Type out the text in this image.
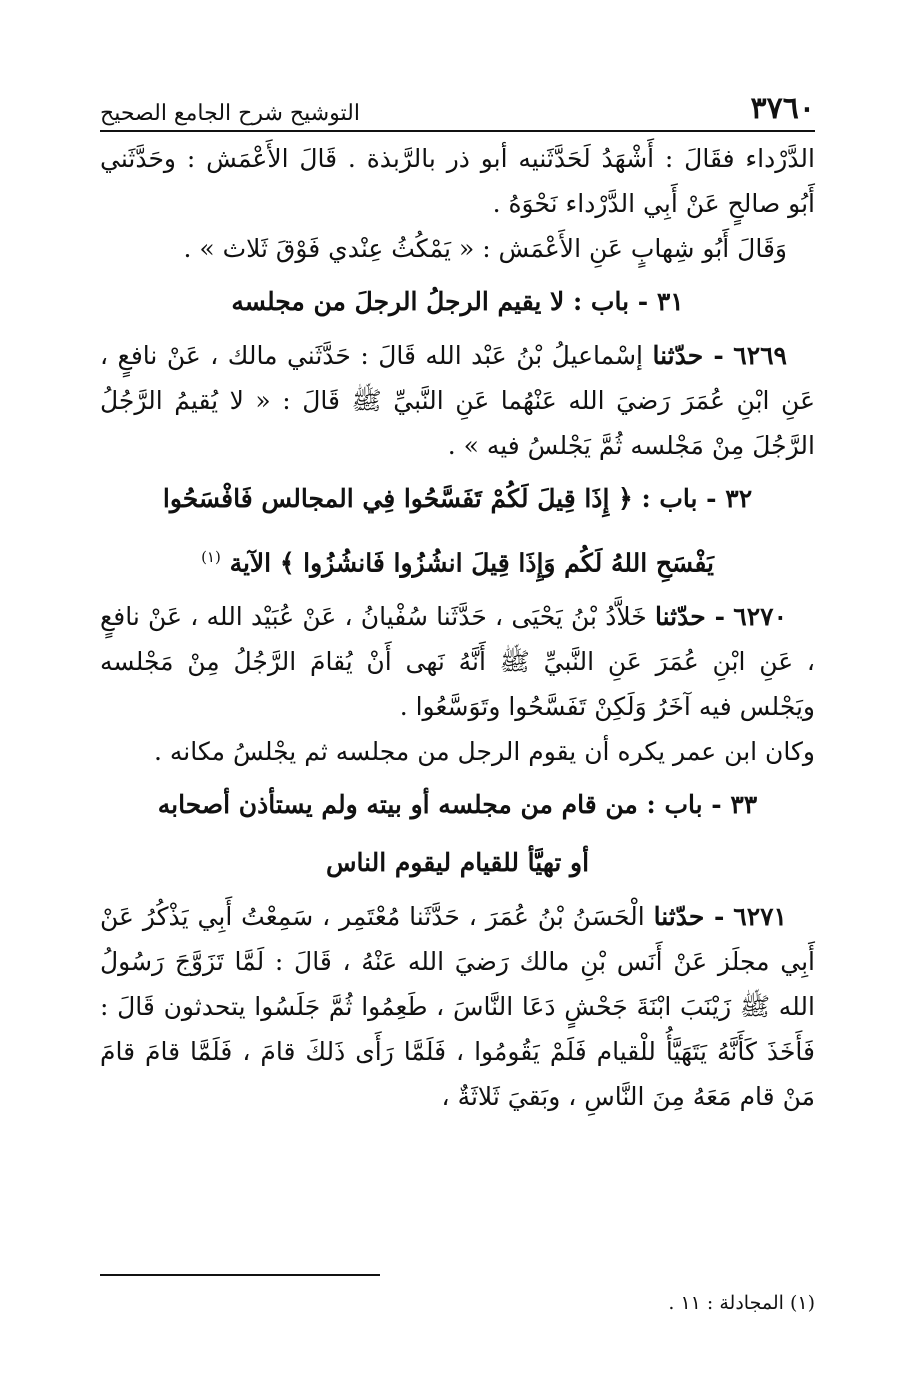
٣٧٦٠
التوشيح شرح الجامع الصحيح

الدَّرْداء فقَالَ : أَشْهَدُ لَحَدَّثَنيه أبو ذر بالرَّبذة . قَالَ الأَعْمَش : وحَدَّثَني أَبُو صالحٍ عَنْ أَبِي الدَّرْداء نَحْوَهُ .

وَقَالَ أَبُو شِهابٍ عَنِ الأَعْمَش : « يَمْكُثُ عِنْدي فَوْقَ ثَلاث » .

٣١ - باب : لا يقيم الرجلُ الرجلَ من مجلسه

٦٢٦٩ - حدّثنا إسْماعيلُ بْنُ عَبْد الله قَالَ : حَدَّثَني مالك ، عَنْ نافعٍ ، عَنِ ابْنِ عُمَرَ رَضيَ الله عَنْهُما عَنِ النَّبيِّ ﷺ قَالَ : « لا يُقيمُ الرَّجُلُ الرَّجُلَ مِنْ مَجْلسه ثُمَّ يَجْلسُ فيه » .

٣٢ - باب : ﴿ إِذَا قِيلَ لَكُمْ تَفَسَّحُوا فِي المجالس فَافْسَحُوا
يَفْسَحِ اللهُ لَكُم وَإِذَا قِيلَ انشُزُوا فَانشُزُوا ﴾ الآية $^{(١)}$

٦٢٧٠ - حدّثنا خَلاَّدُ بْنُ يَحْيَى ، حَدَّثَنا سُفْيانُ ، عَنْ عُبَيْد الله ، عَنْ نافعٍ ، عَنِ ابْنِ عُمَرَ عَنِ النَّبيِّ ﷺ أَنَّهُ نَهى أَنْ يُقامَ الرَّجُلُ مِنْ مَجْلسه ويَجْلس فيه آخَرُ وَلَكِنْ تَفَسَّحُوا وتَوَسَّعُوا .

وكان ابن عمر يكره أن يقوم الرجل من مجلسه ثم يجْلسُ مكانه .

٣٣ - باب : من قام من مجلسه أو بيته ولم يستأذن أصحابه
أو تهيَّأ للقيام ليقوم الناس

٦٢٧١ - حدّثنا الْحَسَنُ بْنُ عُمَرَ ، حَدَّثَنا مُعْتَمِر ، سَمِعْتُ أَبِي يَذْكُرُ عَنْ أَبِي مجلَز عَنْ أَنَس بْنِ مالك رَضيَ الله عَنْهُ ، قَالَ : لَمَّا تَزَوَّجَ رَسُولُ الله ﷺ زَيْنَبَ ابْنَةَ جَحْشٍ دَعَا النَّاسَ ، طَعِمُوا ثُمَّ جَلَسُوا يتحدثون قَالَ : فَأَخَذَ كَأَنَّهُ يَتَهَيَّأُ للْقيام فَلَمْ يَقُومُوا ، فَلَمَّا رَأَى ذَلكَ قامَ ، فَلَمَّا قامَ قامَ مَنْ قام مَعَهُ مِنَ النَّاسِ ، وبَقيَ ثَلاثَةٌ ،

(١) المجادلة : ١١ .
